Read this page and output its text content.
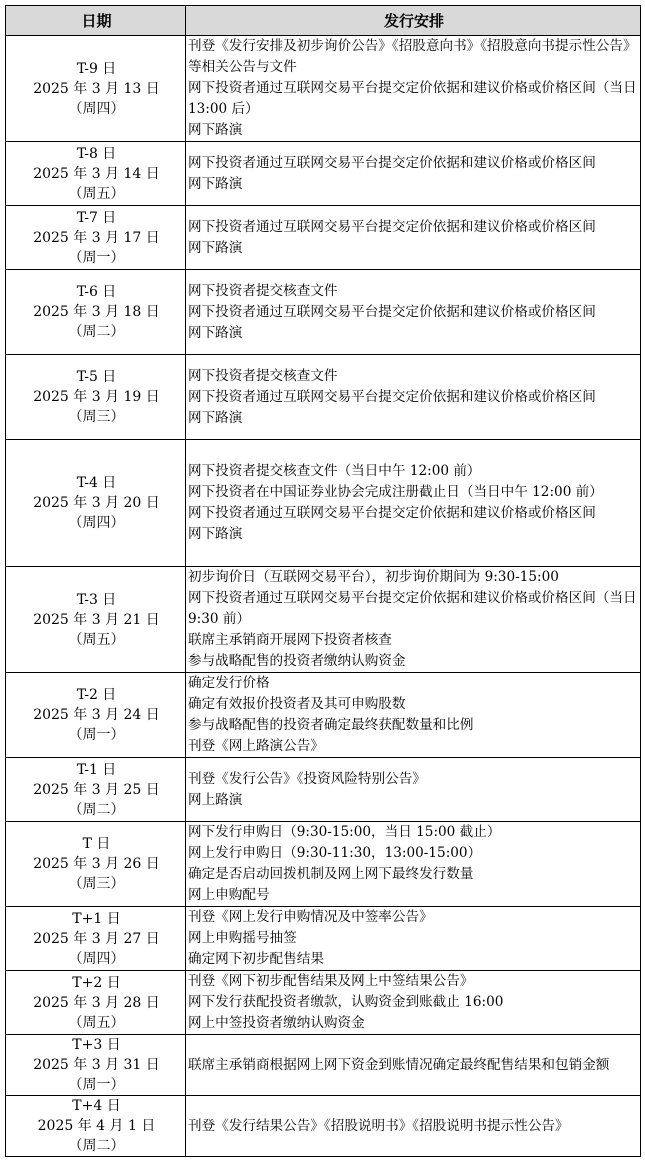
日期	发行安排

T-9 日
2025 年 3 月 13 日
（周四）	刊登《发行安排及初步询价公告》《招股意向书》《招股意向书提示性公告》等相关公告与文件
网下投资者通过互联网交易平台提交定价依据和建议价格或价格区间（当日 13:00 后）
网下路演

T-8 日
2025 年 3 月 14 日
（周五）	网下投资者通过互联网交易平台提交定价依据和建议价格或价格区间
网下路演

T-7 日
2025 年 3 月 17 日
（周一）	网下投资者通过互联网交易平台提交定价依据和建议价格或价格区间
网下路演

T-6 日
2025 年 3 月 18 日
（周二）	网下投资者提交核查文件
网下投资者通过互联网交易平台提交定价依据和建议价格或价格区间
网下路演

T-5 日
2025 年 3 月 19 日
（周三）	网下投资者提交核查文件
网下投资者通过互联网交易平台提交定价依据和建议价格或价格区间
网下路演

T-4 日
2025 年 3 月 20 日
（周四）	网下投资者提交核查文件（当日中午 12:00 前）
网下投资者在中国证券业协会完成注册截止日（当日中午 12:00 前）
网下投资者通过互联网交易平台提交定价依据和建议价格或价格区间
网下路演

T-3 日
2025 年 3 月 21 日
（周五）	初步询价日（互联网交易平台），初步询价期间为 9:30-15:00
网下投资者通过互联网交易平台提交定价依据和建议价格或价格区间（当日 9:30 前）
联席主承销商开展网下投资者核查
参与战略配售的投资者缴纳认购资金

T-2 日
2025 年 3 月 24 日
（周一）	确定发行价格
确定有效报价投资者及其可申购股数
参与战略配售的投资者确定最终获配数量和比例
刊登《网上路演公告》

T-1 日
2025 年 3 月 25 日
（周二）	刊登《发行公告》《投资风险特别公告》
网上路演

T 日
2025 年 3 月 26 日
（周三）	网下发行申购日（9:30-15:00，当日 15:00 截止）
网上发行申购日（9:30-11:30，13:00-15:00）
确定是否启动回拨机制及网上网下最终发行数量
网上申购配号

T+1 日
2025 年 3 月 27 日
（周四）	刊登《网上发行申购情况及中签率公告》
网上申购摇号抽签
确定网下初步配售结果

T+2 日
2025 年 3 月 28 日
（周五）	刊登《网下初步配售结果及网上中签结果公告》
网下发行获配投资者缴款，认购资金到账截止 16:00
网上中签投资者缴纳认购资金

T+3 日
2025 年 3 月 31 日
（周一）	联席主承销商根据网上网下资金到账情况确定最终配售结果和包销金额

T+4 日
2025 年 4 月 1 日
（周二）	刊登《发行结果公告》《招股说明书》《招股说明书提示性公告》
